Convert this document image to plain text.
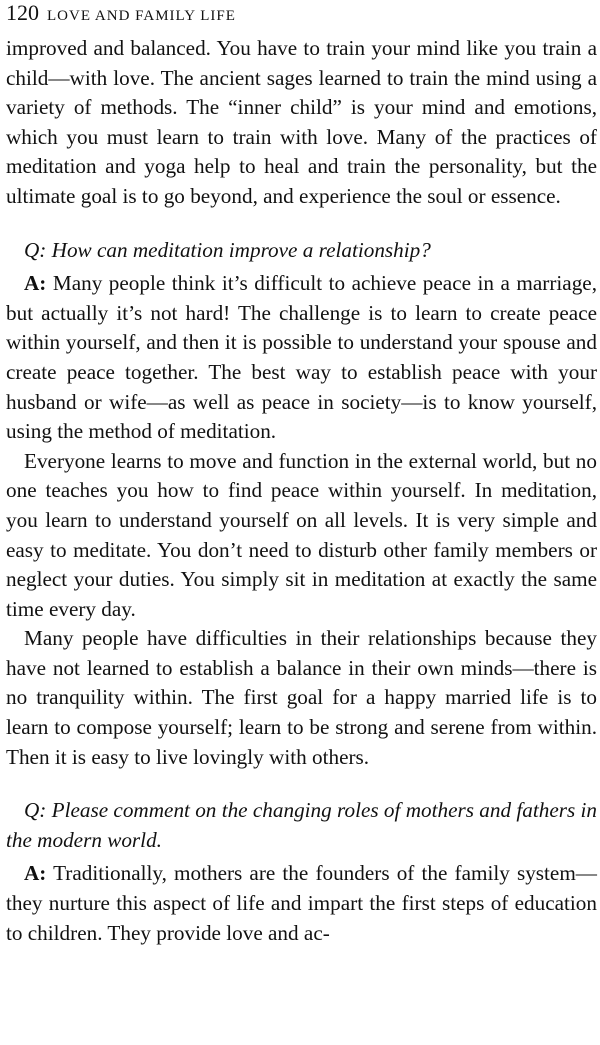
120 LOVE AND FAMILY LIFE

improved and balanced. You have to train your mind like you train a child—with love. The ancient sages learned to train the mind using a variety of methods. The “inner child” is your mind and emotions, which you must learn to train with love. Many of the practices of meditation and yoga help to heal and train the personality, but the ultimate goal is to go beyond, and experience the soul or essence.

Q: How can meditation improve a relationship?

A: Many people think it’s difficult to achieve peace in a marriage, but actually it’s not hard! The challenge is to learn to create peace within yourself, and then it is possible to understand your spouse and create peace together. The best way to establish peace with your husband or wife—as well as peace in society—is to know yourself, using the method of meditation.

Everyone learns to move and function in the external world, but no one teaches you how to find peace within yourself. In meditation, you learn to understand yourself on all levels. It is very simple and easy to meditate. You don’t need to disturb other family members or neglect your duties. You simply sit in meditation at exactly the same time every day.

Many people have difficulties in their relationships because they have not learned to establish a balance in their own minds—there is no tranquility within. The first goal for a happy married life is to learn to compose yourself; learn to be strong and serene from within. Then it is easy to live lovingly with others.

Q: Please comment on the changing roles of mothers and fathers in the modern world.

A: Traditionally, mothers are the founders of the family system—they nurture this aspect of life and impart the first steps of education to children. They provide love and ac-
